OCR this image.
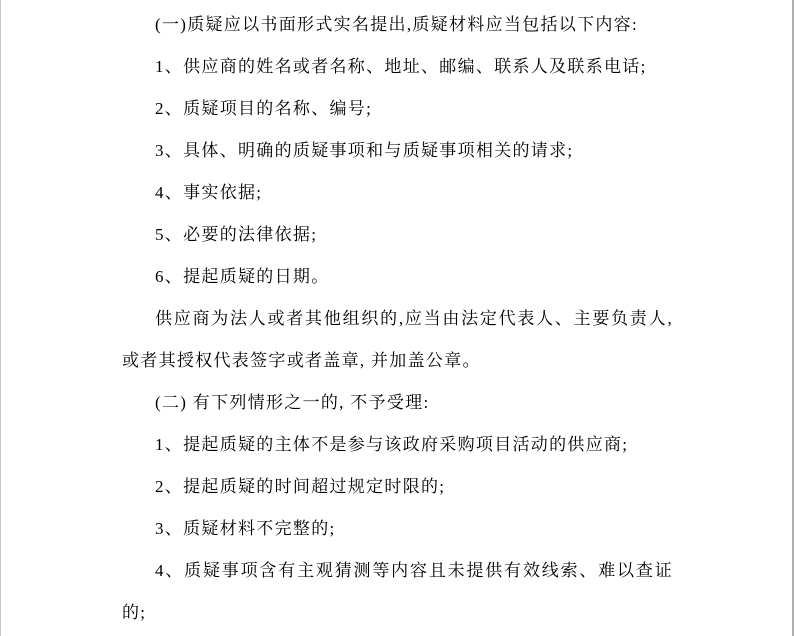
(一)质疑应以书面形式实名提出,质疑材料应当包括以下内容:

1、供应商的姓名或者名称、地址、邮编、联系人及联系电话;

2、质疑项目的名称、编号;

3、具体、明确的质疑事项和与质疑事项相关的请求;

4、事实依据;

5、必要的法律依据;

6、提起质疑的日期。

供应商为法人或者其他组织的,应当由法定代表人、主要负责人,或者其授权代表签字或者盖章, 并加盖公章。

(二) 有下列情形之一的, 不予受理:

1、提起质疑的主体不是参与该政府采购项目活动的供应商;

2、提起质疑的时间超过规定时限的;

3、质疑材料不完整的;

4、质疑事项含有主观猜测等内容且未提供有效线索、难以查证的;
